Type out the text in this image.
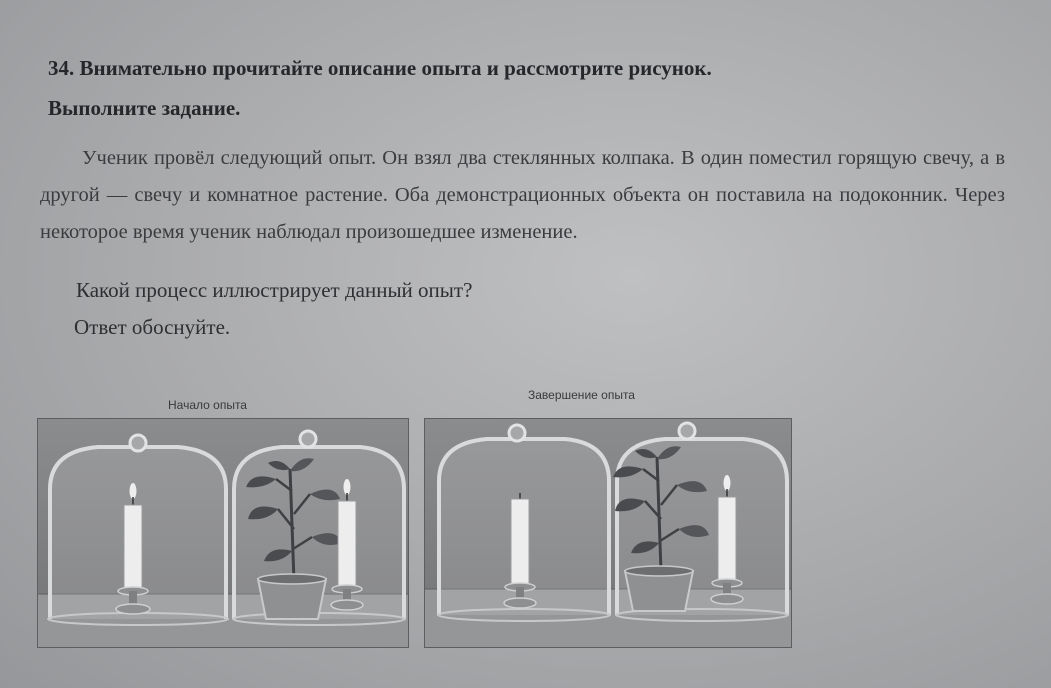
34. Внимательно прочитайте описание опыта и рассмотрите рисунок.
Выполните задание.
Ученик провёл следующий опыт. Он взял два стеклянных колпака. В один поместил горящую свечу, а в другой — свечу и комнатное растение. Оба демонстрационных объекта он поставила на подоконник. Через некоторое время ученик наблюдал произошедшее изменение.
Какой процесс иллюстрирует данный опыт?
Ответ обоснуйте.
Начало опыта
Завершение опыта
